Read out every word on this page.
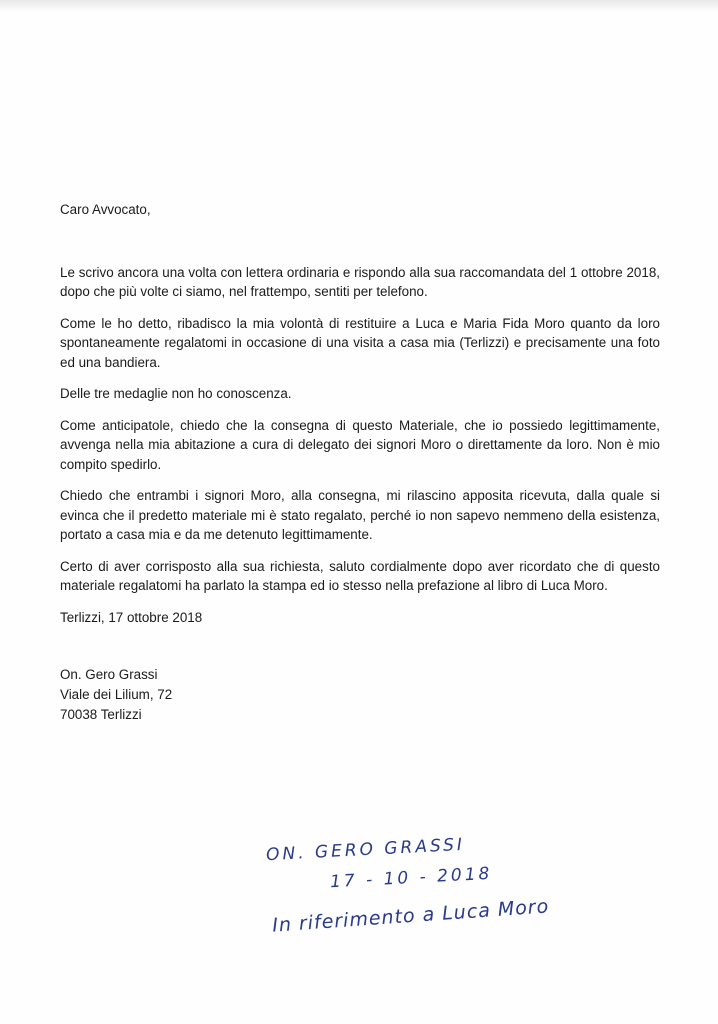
Caro Avvocato,

Le scrivo ancora una volta con lettera ordinaria e rispondo alla sua raccomandata del 1 ottobre 2018, dopo che più volte ci siamo, nel frattempo, sentiti per telefono.

Come le ho detto, ribadisco la mia volontà di restituire a Luca e Maria Fida Moro quanto da loro spontaneamente regalatomi in occasione di una visita a casa mia (Terlizzi) e precisamente una foto ed una bandiera.

Delle tre medaglie non ho conoscenza.

Come anticipatole, chiedo che la consegna di questo Materiale, che io possiedo legittimamente, avvenga nella mia abitazione a cura di delegato dei signori Moro o direttamente da loro. Non è mio compito spedirlo.

Chiedo che entrambi i signori Moro, alla consegna, mi rilascino apposita ricevuta, dalla quale si evinca che il predetto materiale mi è stato regalato, perché io non sapevo nemmeno della esistenza, portato a casa mia e da me detenuto legittimamente.

Certo di aver corrisposto alla sua richiesta, saluto cordialmente dopo aver ricordato che di questo materiale regalatomi ha parlato la stampa ed io stesso nella prefazione al libro di Luca Moro.

Terlizzi, 17 ottobre 2018

On. Gero Grassi
Viale dei Lilium, 72
70038 Terlizzi
ON. GERO GRASSI
17 - 10 - 2018
In riferimento a Luca Moro
